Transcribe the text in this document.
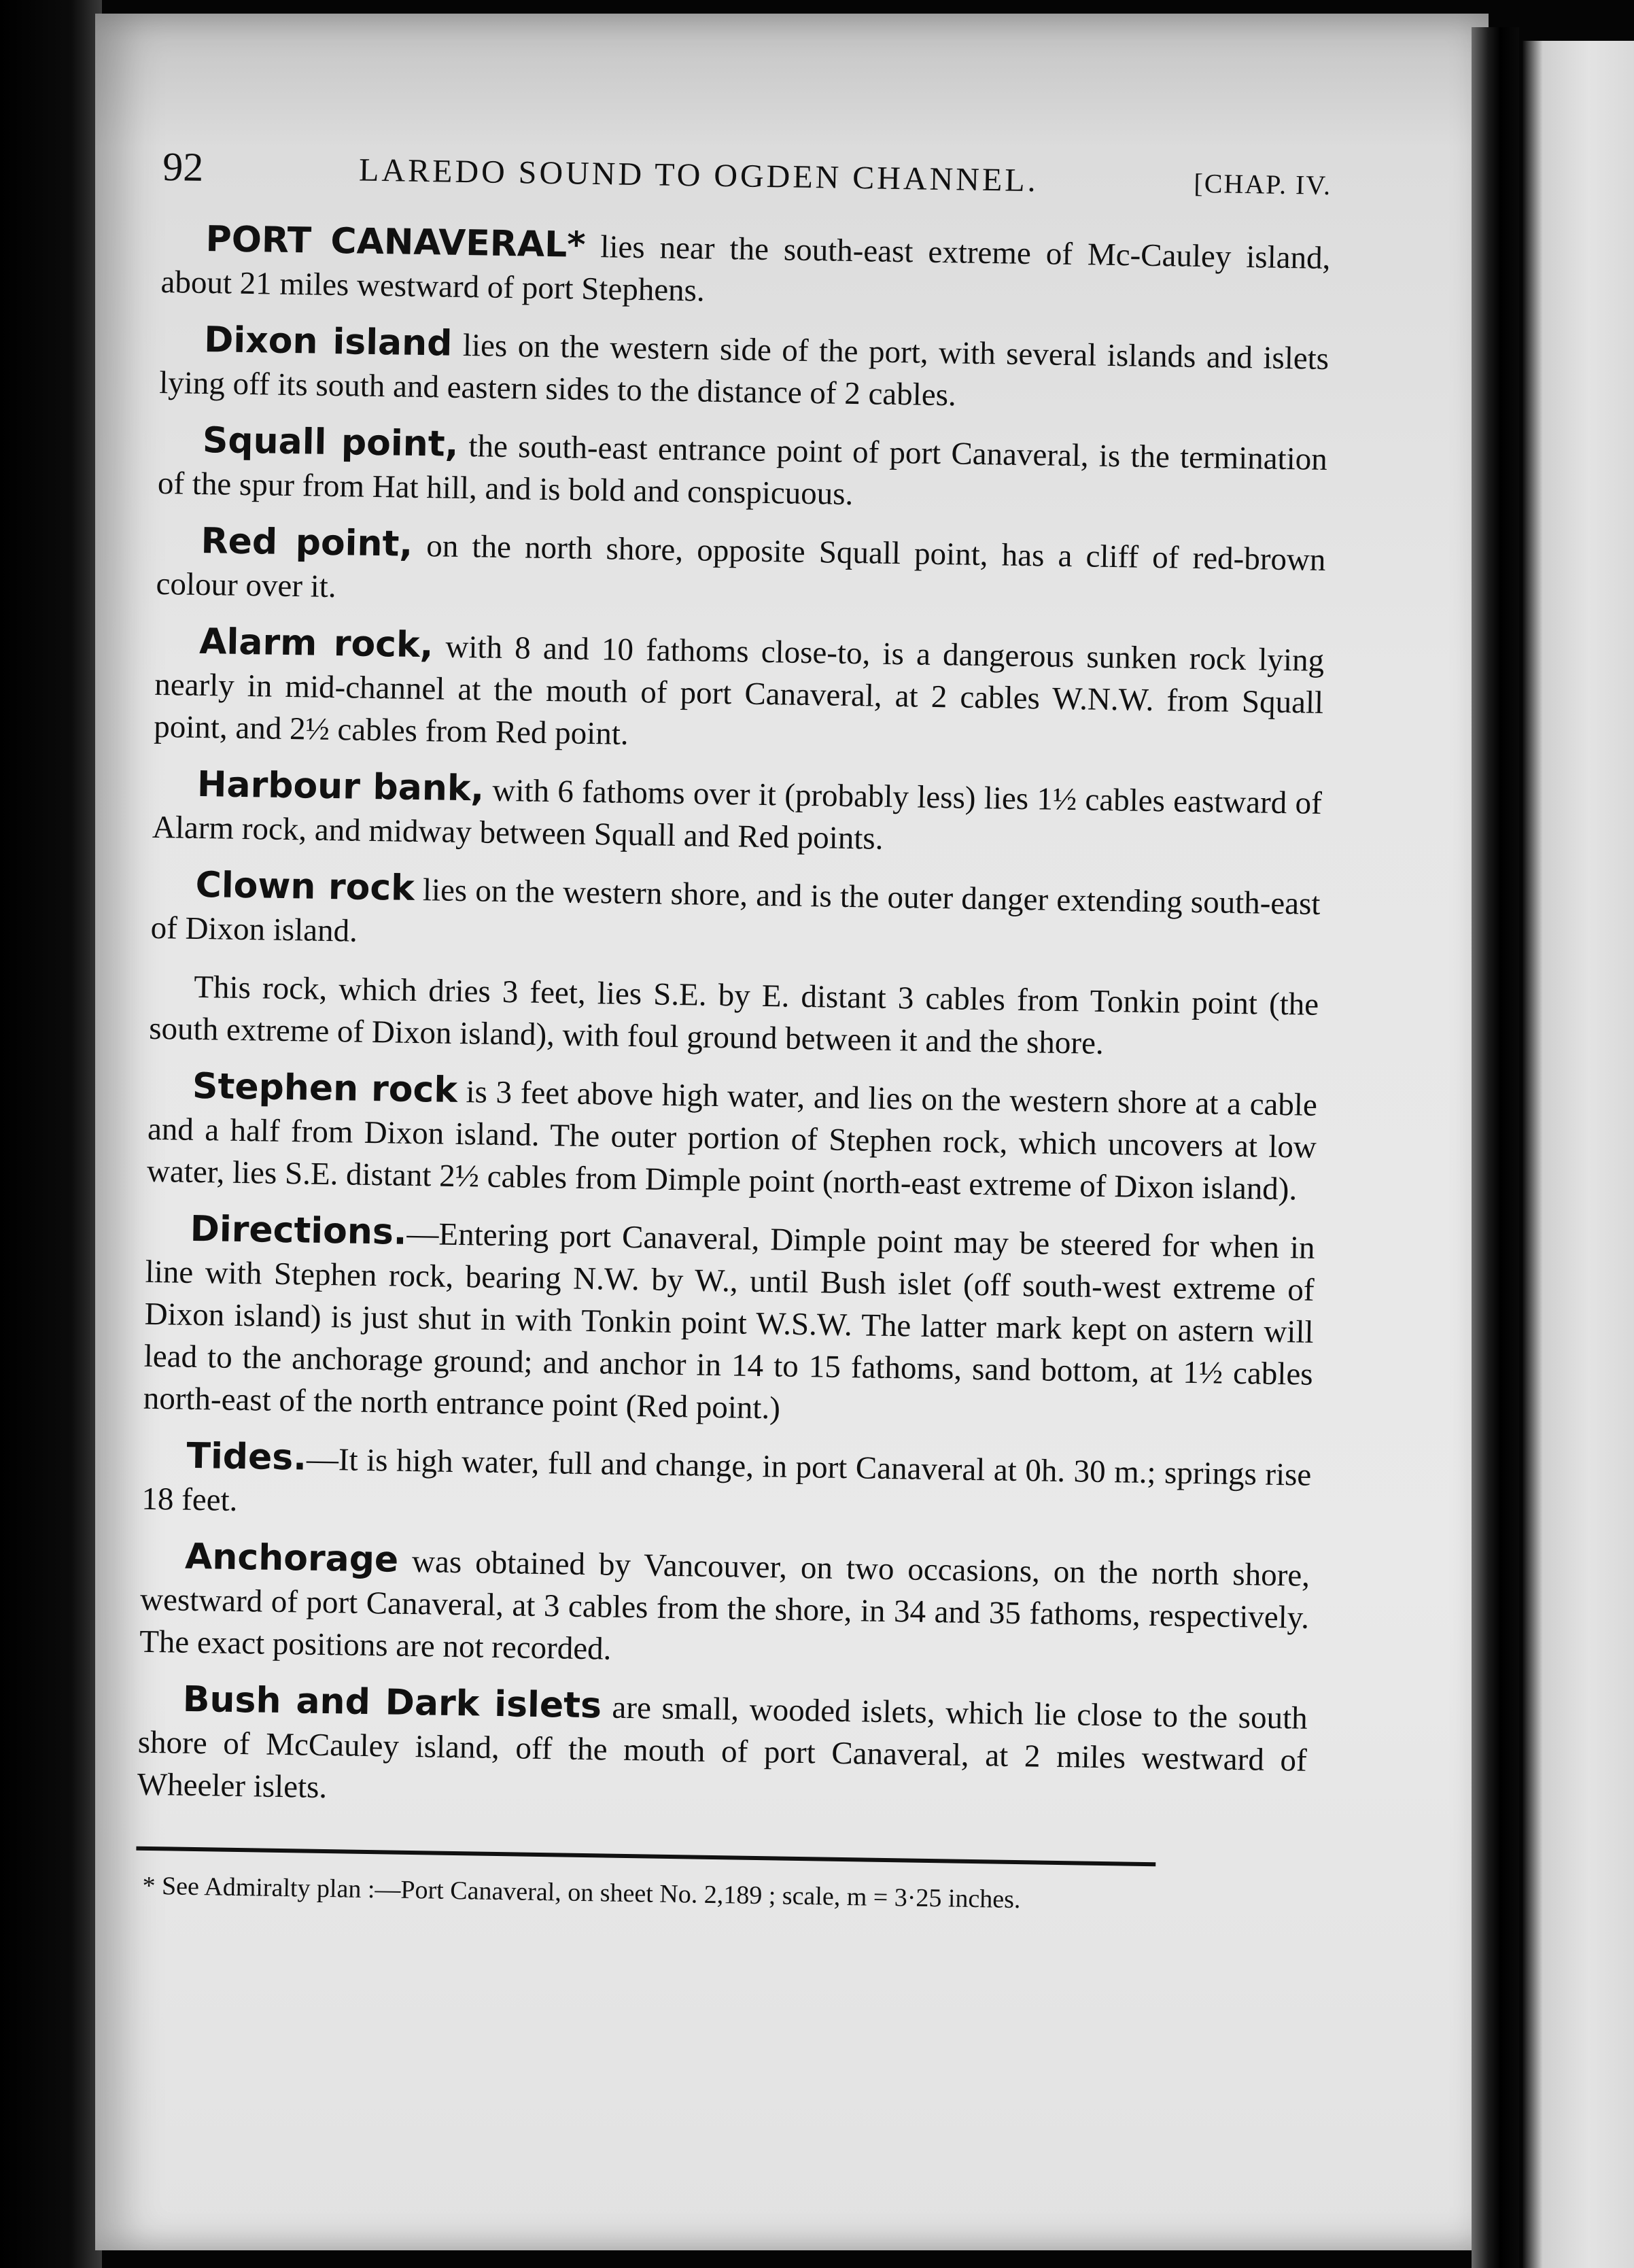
92	LAREDO SOUND TO OGDEN CHANNEL.	[CHAP. IV.

PORT CANAVERAL* lies near the south-east extreme of Mc-Cauley island, about 21 miles westward of port Stephens.

Dixon island lies on the western side of the port, with several islands and islets lying off its south and eastern sides to the distance of 2 cables.

Squall point, the south-east entrance point of port Canaveral, is the termination of the spur from Hat hill, and is bold and conspicuous.

Red point, on the north shore, opposite Squall point, has a cliff of red-brown colour over it.

Alarm rock, with 8 and 10 fathoms close-to, is a dangerous sunken rock lying nearly in mid-channel at the mouth of port Canaveral, at 2 cables W.N.W. from Squall point, and 2½ cables from Red point.

Harbour bank, with 6 fathoms over it (probably less) lies 1½ cables eastward of Alarm rock, and midway between Squall and Red points.

Clown rock lies on the western shore, and is the outer danger extending south-east of Dixon island.

This rock, which dries 3 feet, lies S.E. by E. distant 3 cables from Tonkin point (the south extreme of Dixon island), with foul ground between it and the shore.

Stephen rock is 3 feet above high water, and lies on the western shore at a cable and a half from Dixon island. The outer portion of Stephen rock, which uncovers at low water, lies S.E. distant 2½ cables from Dimple point (north-east extreme of Dixon island).

Directions.—Entering port Canaveral, Dimple point may be steered for when in line with Stephen rock, bearing N.W. by W., until Bush islet (off south-west extreme of Dixon island) is just shut in with Tonkin point W.S.W. The latter mark kept on astern will lead to the anchorage ground; and anchor in 14 to 15 fathoms, sand bottom, at 1½ cables north-east of the north entrance point (Red point.)

Tides.—It is high water, full and change, in port Canaveral at 0h. 30 m.; springs rise 18 feet.

Anchorage was obtained by Vancouver, on two occasions, on the north shore, westward of port Canaveral, at 3 cables from the shore, in 34 and 35 fathoms, respectively. The exact positions are not recorded.

Bush and Dark islets are small, wooded islets, which lie close to the south shore of McCauley island, off the mouth of port Canaveral, at 2 miles westward of Wheeler islets.

* See Admiralty plan :—Port Canaveral, on sheet No. 2,189 ; scale, m = 3·25 inches.
